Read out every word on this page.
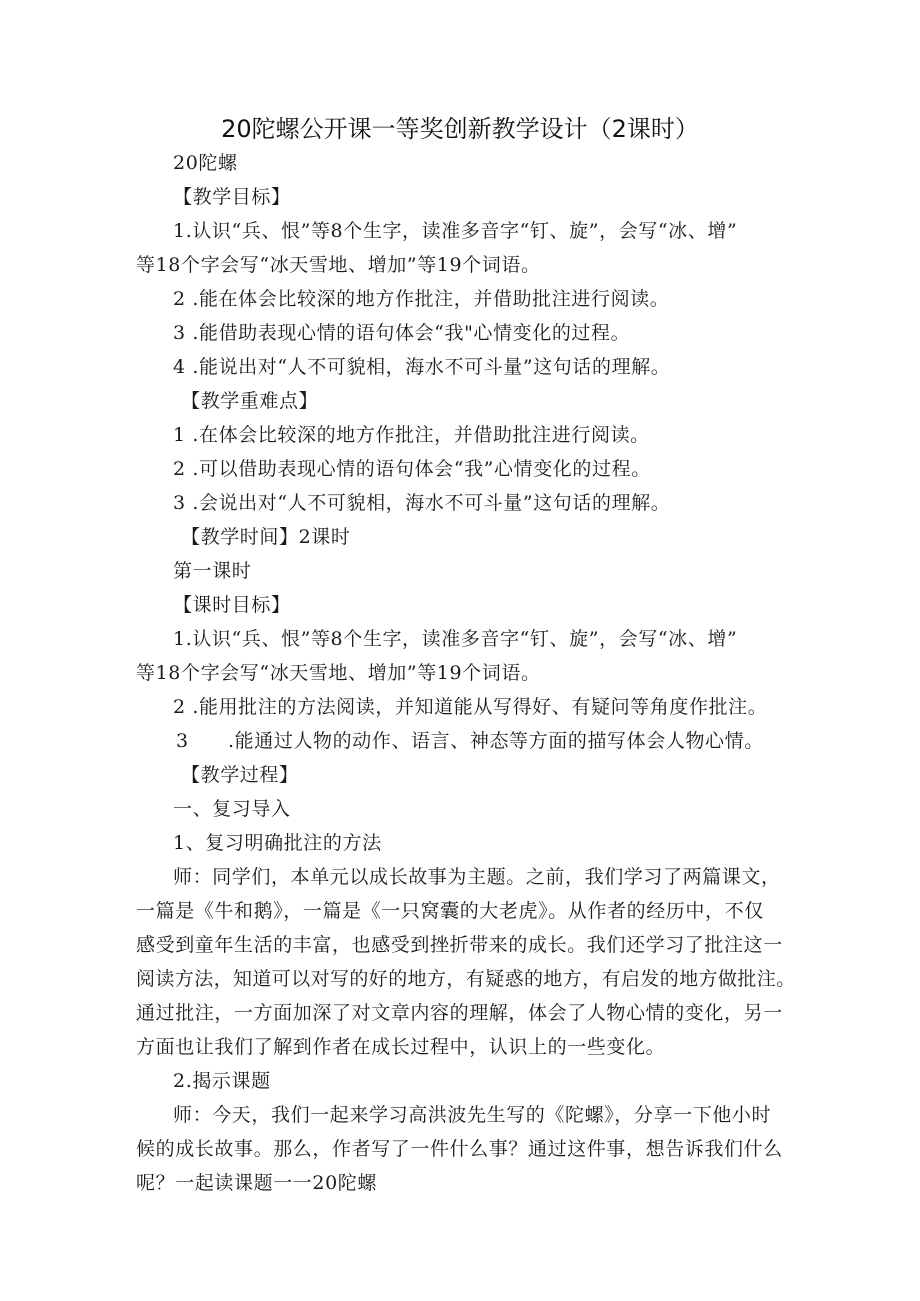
20陀螺公开课一等奖创新教学设计（2课时）
20陀螺
【教学目标】
1.认识“兵、恨”等8个生字，读准多音字“钉、旋”，会写“冰、增”
等18个字会写“冰天雪地、增加”等19个词语。
2 .能在体会比较深的地方作批注，并借助批注进行阅读。
3 .能借助表现心情的语句体会“我"心情变化的过程。
4 .能说出对“人不可貌相，海水不可斗量”这句话的理解。
【教学重难点】
1 .在体会比较深的地方作批注，并借助批注进行阅读。
2 .可以借助表现心情的语句体会“我”心情变化的过程。
3 .会说出对“人不可貌相，海水不可斗量”这句话的理解。
【教学时间】2课时
第一课时
【课时目标】
1.认识“兵、恨”等8个生字，读准多音字“钉、旋”，会写“冰、增”
等18个字会写“冰天雪地、增加”等19个词语。
2 .能用批注的方法阅读，并知道能从写得好、有疑问等角度作批注。
3 .能通过人物的动作、语言、神态等方面的描写体会人物心情。
【教学过程】
一、复习导入
1、复习明确批注的方法
师：同学们，本单元以成长故事为主题。之前，我们学习了两篇课文，
一篇是《牛和鹅》，一篇是《一只窝囊的大老虎》。从作者的经历中，不仅
感受到童年生活的丰富，也感受到挫折带来的成长。我们还学习了批注这一
阅读方法，知道可以对写的好的地方，有疑惑的地方，有启发的地方做批注。
通过批注，一方面加深了对文章内容的理解，体会了人物心情的变化，另一
方面也让我们了解到作者在成长过程中，认识上的一些变化。
2.揭示课题
师：今天，我们一起来学习高洪波先生写的《陀螺》，分享一下他小时
候的成长故事。那么，作者写了一件什么事？通过这件事，想告诉我们什么
呢？一起读课题一一20陀螺
